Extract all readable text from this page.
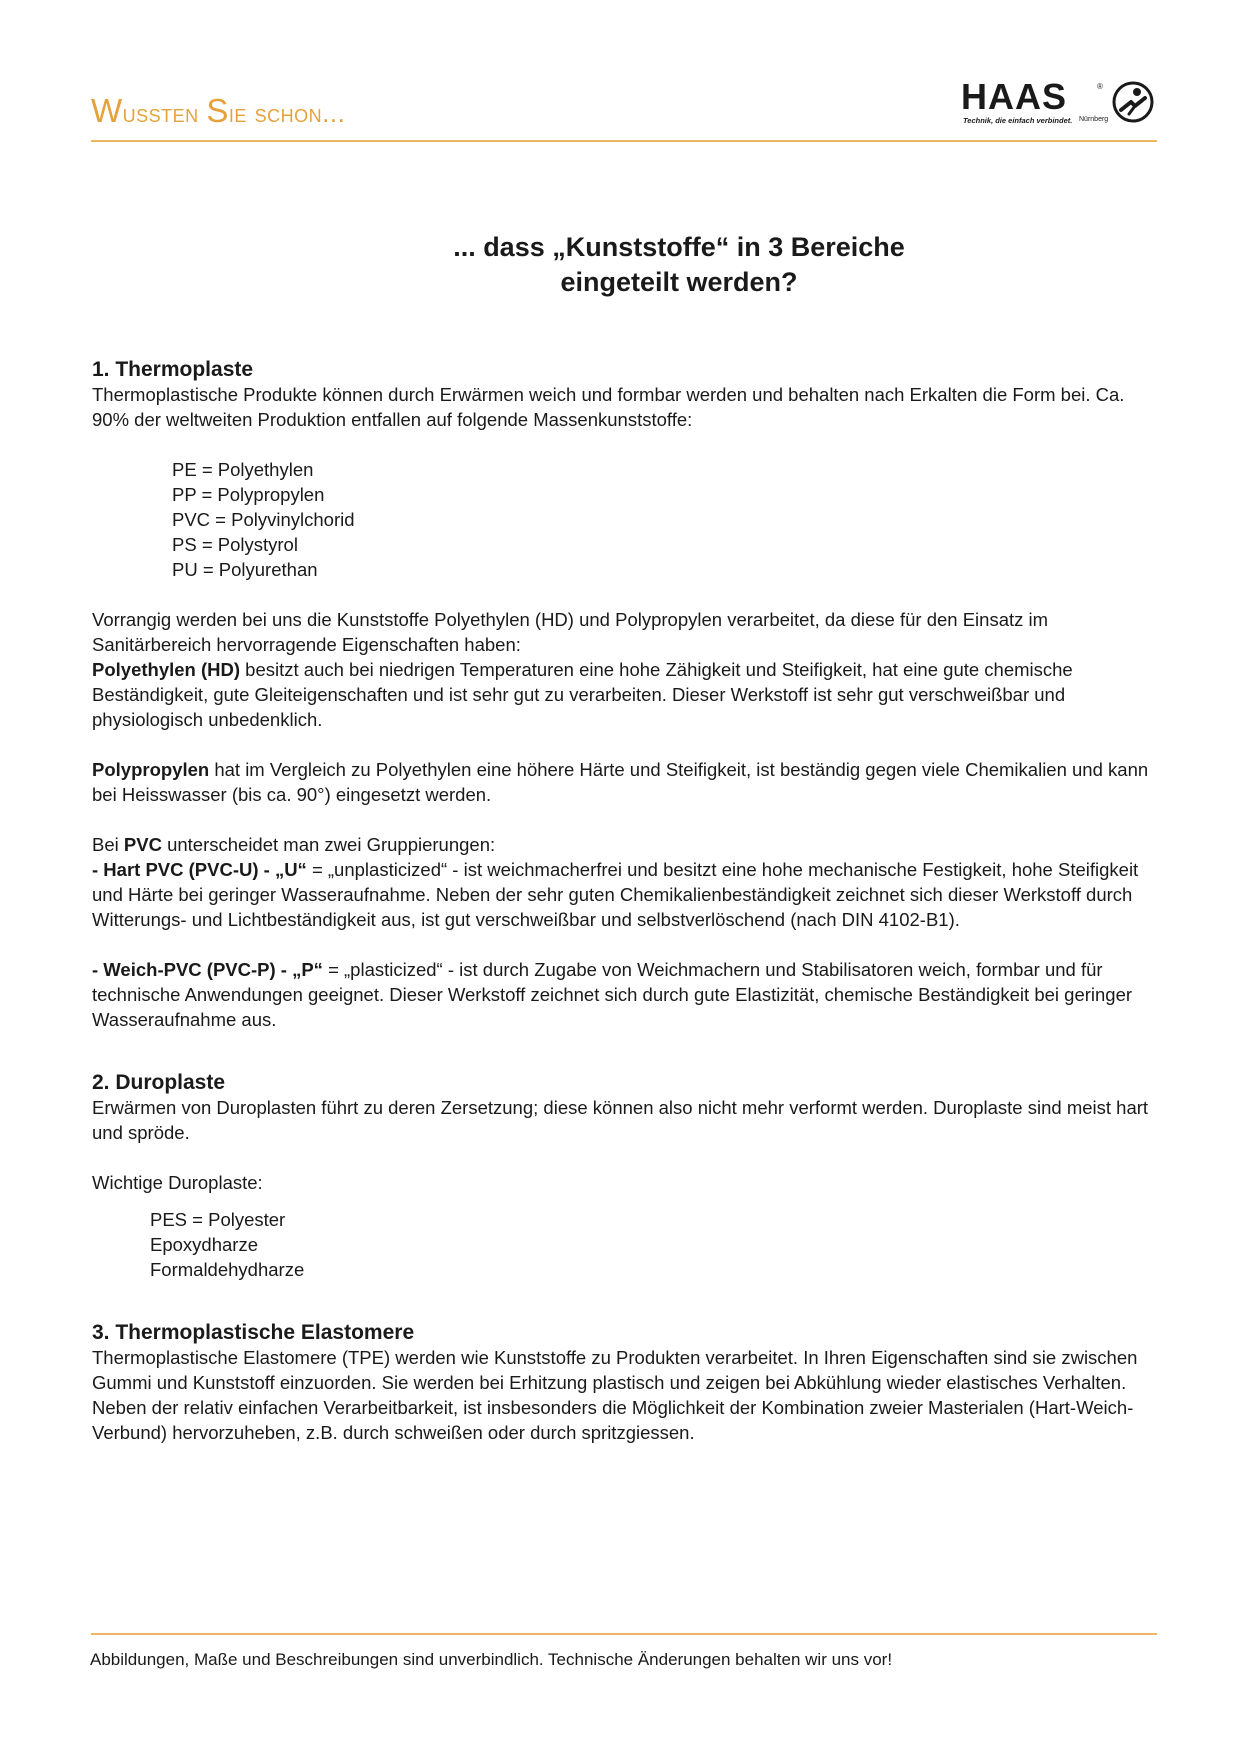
Wussten Sie schon...	HAAS	®
Technik, die einfach verbindet. Nürnberg
... dass „Kunststoffe“ in 3 Bereiche
eingeteilt werden?

1. Thermoplaste

Thermoplastische Produkte können durch Erwärmen weich und formbar werden und behalten nach Erkalten die Form bei. Ca. 90% der weltweiten Produktion entfallen auf folgende Massenkunststoffe:

PE = Polyethylen
PP = Polypropylen
PVC = Polyvinylchorid
PS = Polystyrol
PU = Polyurethan

Vorrangig werden bei uns die Kunststoffe Polyethylen (HD) und Polypropylen verarbeitet, da diese für den Einsatz im Sanitärbereich hervorragende Eigenschaften haben:

Polyethylen (HD) besitzt auch bei niedrigen Temperaturen eine hohe Zähigkeit und Steifigkeit, hat eine gute chemische Beständigkeit, gute Gleiteigenschaften und ist sehr gut zu verarbeiten. Dieser Werkstoff ist sehr gut verschweißbar und physiologisch unbedenklich.

Polypropylen hat im Vergleich zu Polyethylen eine höhere Härte und Steifigkeit, ist beständig gegen viele Chemikalien und kann bei Heisswasser (bis ca. 90°) eingesetzt werden.

Bei PVC unterscheidet man zwei Gruppierungen:

- Hart PVC (PVC-U) - „U“ = „unplasticized“ - ist weichmacherfrei und besitzt eine hohe mechanische Festigkeit, hohe Steifigkeit und Härte bei geringer Wasseraufnahme. Neben der sehr guten Chemikalienbeständigkeit zeichnet sich dieser Werkstoff durch Witterungs- und Lichtbeständigkeit aus, ist gut verschweißbar und selbstverlöschend (nach DIN 4102-B1).

- Weich-PVC (PVC-P) - „P“ = „plasticized“ - ist durch Zugabe von Weichmachern und Stabilisatoren weich, formbar und für technische Anwendungen geeignet. Dieser Werkstoff zeichnet sich durch gute Elastizität, chemische Beständigkeit bei geringer Wasseraufnahme aus.

2. Duroplaste

Erwärmen von Duroplasten führt zu deren Zersetzung; diese können also nicht mehr verformt werden. Duroplaste sind meist hart und spröde.

Wichtige Duroplaste:

PES = Polyester
Epoxydharze
Formaldehydharze

3. Thermoplastische Elastomere

Thermoplastische Elastomere (TPE) werden wie Kunststoffe zu Produkten verarbeitet. In Ihren Eigenschaften sind sie zwischen Gummi und Kunststoff einzuorden. Sie werden bei Erhitzung plastisch und zeigen bei Abkühlung wieder elastisches Verhalten. Neben der relativ einfachen Verarbeitbarkeit, ist insbesonders die Möglichkeit der Kombination zweier Masterialen (Hart-Weich-Verbund) hervorzuheben, z.B. durch schweißen oder durch spritzgiessen.

Abbildungen, Maße und Beschreibungen sind unverbindlich. Technische Änderungen behalten wir uns vor!
